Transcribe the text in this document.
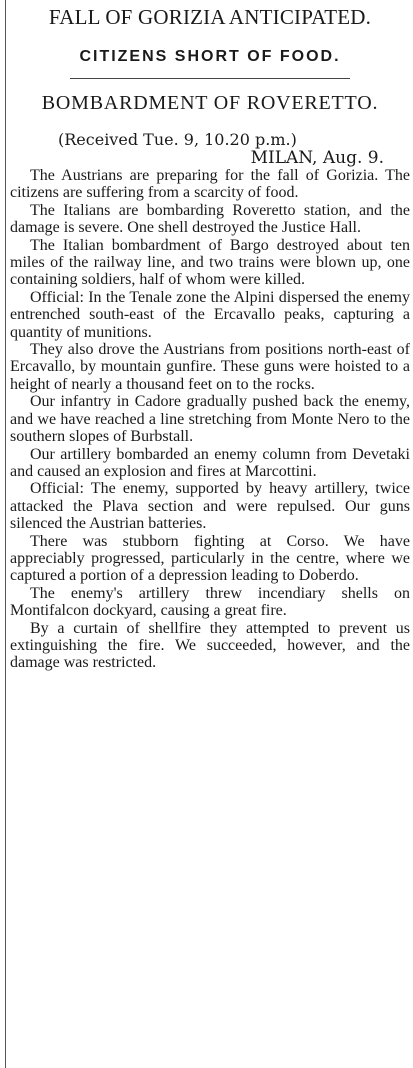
FALL OF GORIZIA ANTICIPATED.
CITIZENS SHORT OF FOOD.
BOMBARDMENT OF ROVERETTO.
(Received Tue. 9, 10.20 p.m.)
MILAN, Aug. 9.

The Austrians are preparing for the fall of Gorizia. The citizens are suffering from a scarcity of food.

The Italians are bombarding Roveretto station, and the damage is severe. One shell destroyed the Justice Hall.

The Italian bombardment of Bargo destroyed about ten miles of the railway line, and two trains were blown up, one containing soldiers, half of whom were killed.

Official: In the Tenale zone the Alpini dispersed the enemy entrenched south-east of the Ercavallo peaks, capturing a quantity of munitions.

They also drove the Austrians from positions north-east of Ercavallo, by mountain gunfire. These guns were hoisted to a height of nearly a thousand feet on to the rocks.

Our infantry in Cadore gradually pushed back the enemy, and we have reached a line stretching from Monte Nero to the southern slopes of Burbstall.

Our artillery bombarded an enemy column from Devetaki and caused an explosion and fires at Marcottini.

Official: The enemy, supported by heavy artillery, twice attacked the Plava section and were repulsed. Our guns silenced the Austrian batteries.

There was stubborn fighting at Corso. We have appreciably progressed, particularly in the centre, where we captured a portion of a depression leading to Doberdo.

The enemy's artillery threw incendiary shells on Montifalcon dockyard, causing a great fire.

By a curtain of shellfire they attempted to prevent us extinguishing the fire. We succeeded, however, and the damage was restricted.
